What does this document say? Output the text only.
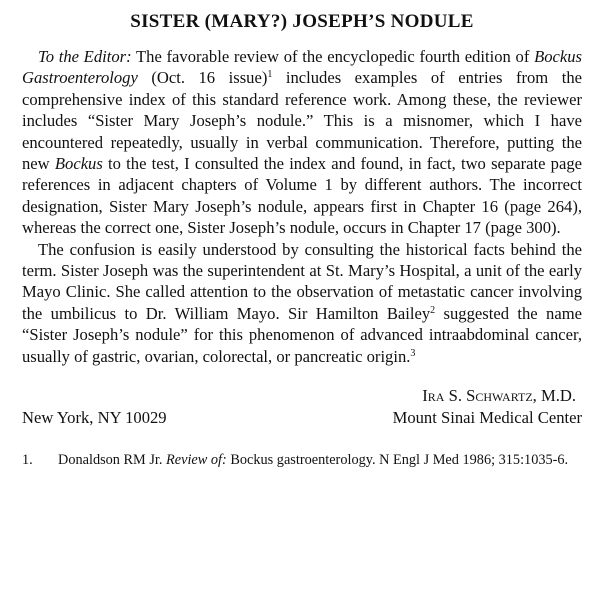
SISTER (MARY?) JOSEPH’S NODULE

To the Editor: The favorable review of the encyclopedic fourth edition of Bockus Gastroenterology (Oct. 16 issue)$^1$ includes examples of entries from the comprehensive index of this standard reference work. Among these, the reviewer includes “Sister Mary Joseph’s nodule.” This is a misnomer, which I have encountered repeatedly, usually in verbal communication. Therefore, putting the new Bockus to the test, I consulted the index and found, in fact, two separate page references in adjacent chapters of Volume 1 by different authors. The incorrect designation, Sister Mary Joseph’s nodule, appears first in Chapter 16 (page 264), whereas the correct one, Sister Joseph’s nodule, occurs in Chapter 17 (page 300).

The confusion is easily understood by consulting the historical facts behind the term. Sister Joseph was the superintendent at St. Mary’s Hospital, a unit of the early Mayo Clinic. She called attention to the observation of metastatic cancer involving the umbilicus to Dr. William Mayo. Sir Hamilton Bailey$^2$ suggested the name “Sister Joseph’s nodule” for this phenomenon of advanced intraabdominal cancer, usually of gastric, ovarian, colorectal, or pancreatic origin.$^3$

Ira S. Schwartz, M.D.
New York, NY 10029	Mount Sinai Medical Center
1.	Donaldson RM Jr. Review of: Bockus gastroenterology. N Engl J Med 1986; 315:1035-6.
